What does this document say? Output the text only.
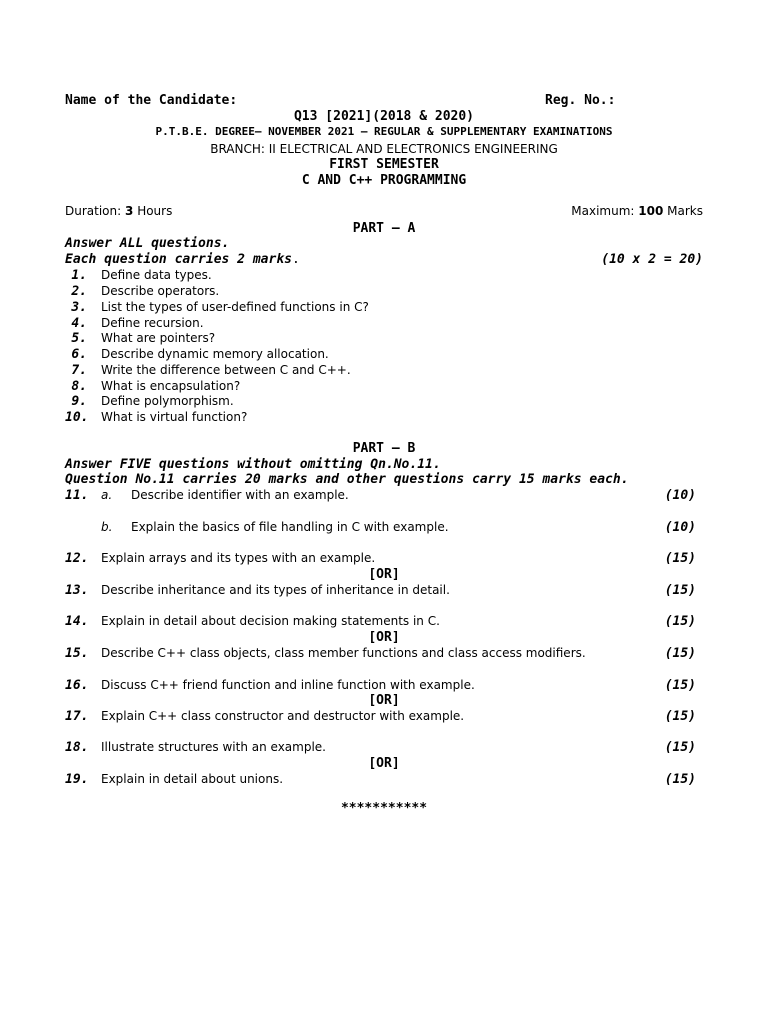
Name of the Candidate:	Reg. No.:
Q13 [2021](2018 & 2020)
P.T.B.E. DEGREE– NOVEMBER 2021 – REGULAR & SUPPLEMENTARY EXAMINATIONS
BRANCH: II ELECTRICAL AND ELECTRONICS ENGINEERING
FIRST SEMESTER
C AND C++ PROGRAMMING
Duration: 3 Hours	Maximum: 100 Marks
PART – A
Answer ALL questions.
Each question carries 2 marks.	(10 x 2 = 20)
1. Define data types.
2. Describe operators.
3. List the types of user-defined functions in C?
4. Define recursion.
5. What are pointers?
6. Describe dynamic memory allocation.
7. Write the difference between C and C++.
8. What is encapsulation?
9. Define polymorphism.
10. What is virtual function?
PART – B
Answer FIVE questions without omitting Qn.No.11.
Question No.11 carries 20 marks and other questions carry 15 marks each.
11. a. Describe identifier with an example.	(10)
b. Explain the basics of file handling in C with example.	(10)
12. Explain arrays and its types with an example.	(15)
[OR]
13. Describe inheritance and its types of inheritance in detail.	(15)
14. Explain in detail about decision making statements in C.	(15)
[OR]
15. Describe C++ class objects, class member functions and class access modifiers.	(15)
16. Discuss C++ friend function and inline function with example.	(15)
[OR]
17. Explain C++ class constructor and destructor with example.	(15)
18. Illustrate structures with an example.	(15)
[OR]
19. Explain in detail about unions.	(15)
***********
